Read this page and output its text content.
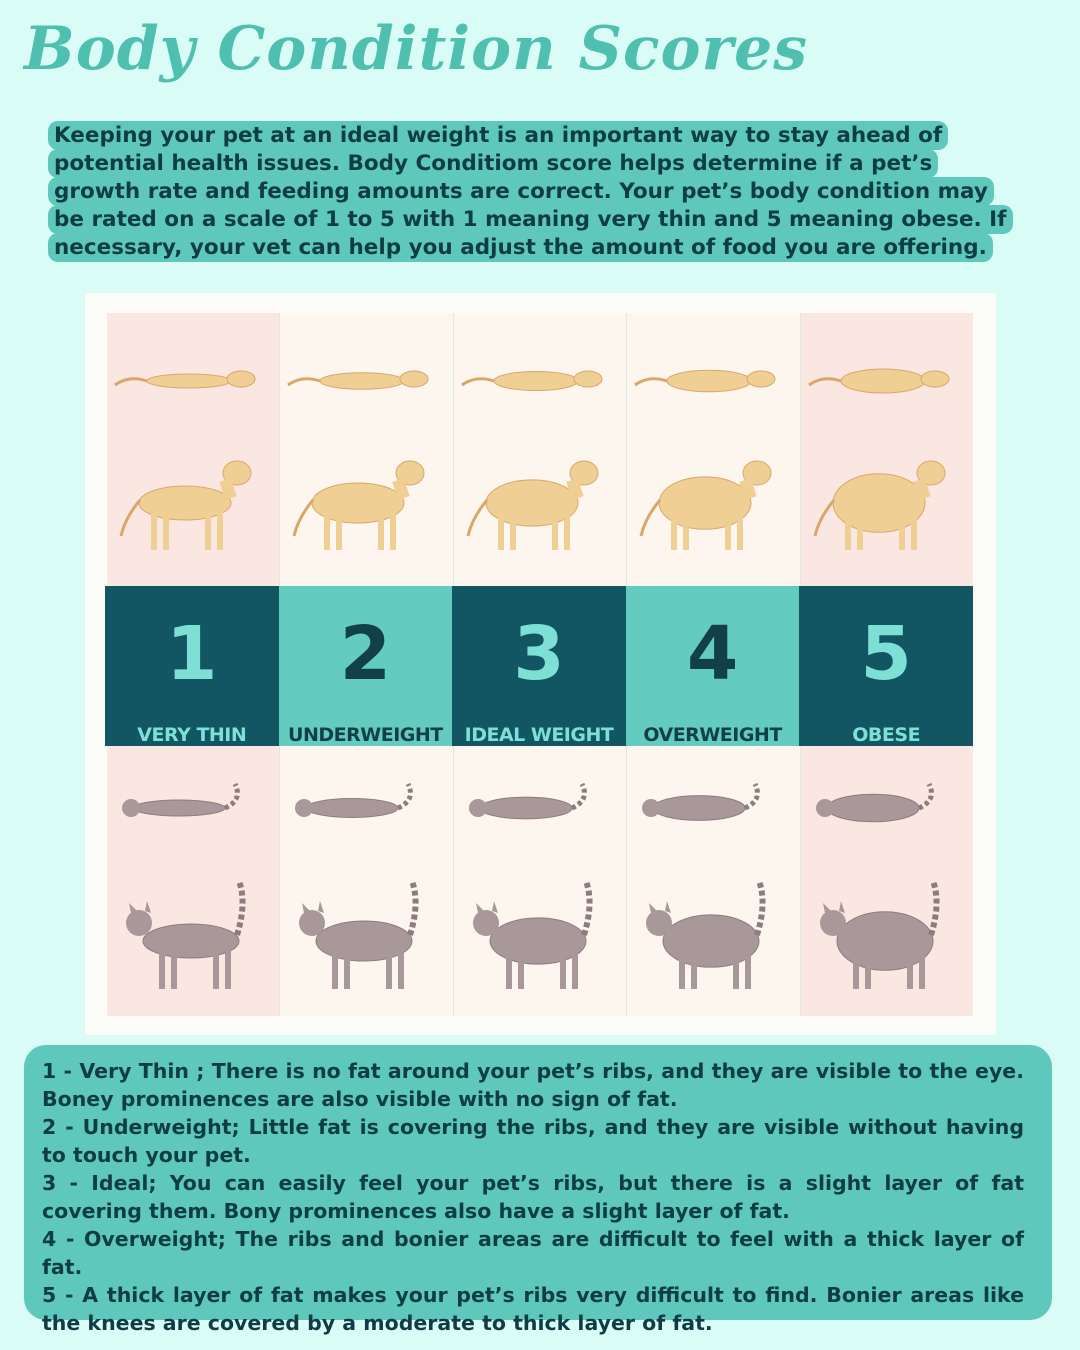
Body Condition Scores
Keeping your pet at an ideal weight is an important way to stay ahead of potential health issues. Body Conditiom score helps determine if a pet’s growth rate and feeding amounts are correct. Your pet’s body condition may be rated on a scale of 1 to 5 with 1 meaning very thin and 5 meaning obese. If necessary, your vet can help you adjust the amount of food you are offering.
1
VERY THIN
2
UNDERWEIGHT
3
IDEAL WEIGHT
4
OVERWEIGHT
5
OBESE

1 - Very Thin ; There is no fat around your pet’s ribs, and they are visible to the eye. Boney prominences are also visible with no sign of fat.

2 - Underweight; Little fat is covering the ribs, and they are visible without having to touch your pet.

3 - Ideal; You can easily feel your pet’s ribs, but there is a slight layer of fat covering them. Bony prominences also have a slight layer of fat.

4 - Overweight; The ribs and bonier areas are difficult to feel with a thick layer of fat.

5 - A thick layer of fat makes your pet’s ribs very difficult to find. Bonier areas like the knees are covered by a moderate to thick layer of fat.
